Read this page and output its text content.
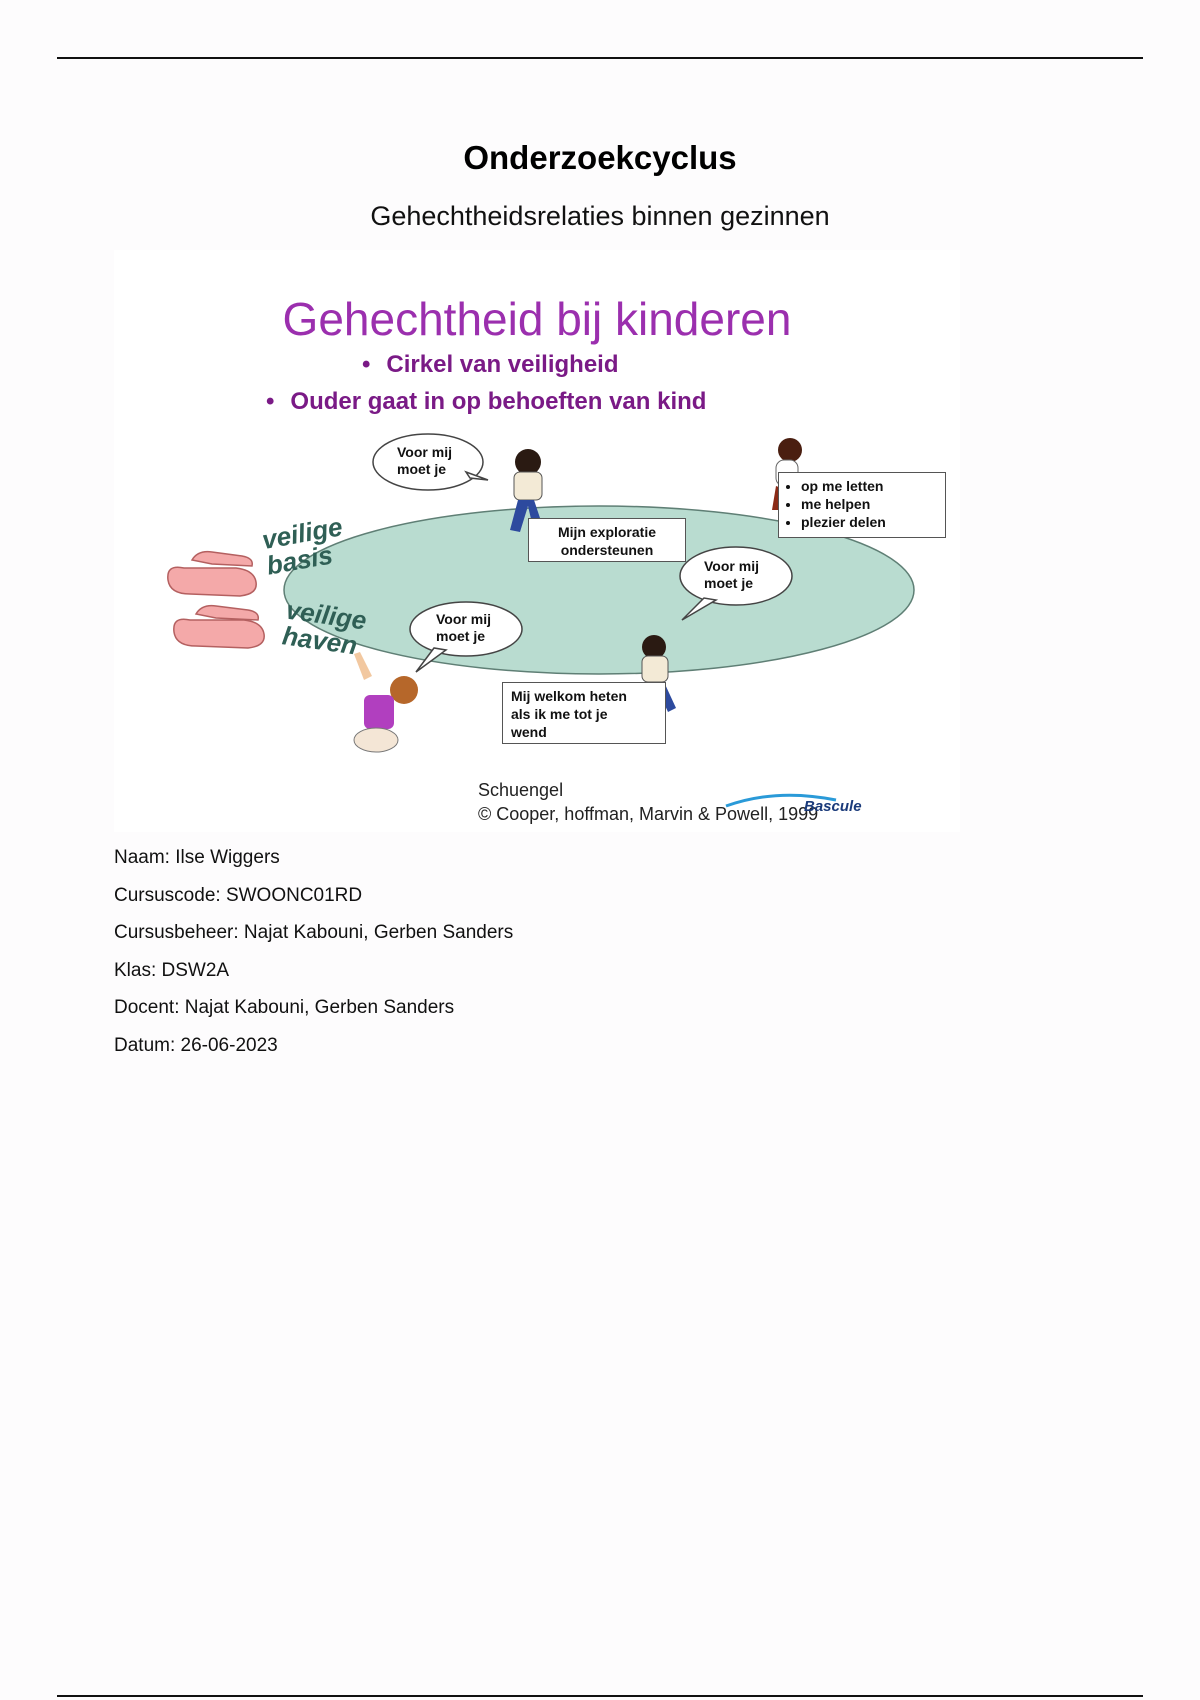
Onderzoekcyclus
Gehechtheidsrelaties binnen gezinnen
Gehechtheid bij kinderen
• Cirkel van veiligheid
• Ouder gaat in op behoeften van kind
Voor mij
moet je
Voor mij
moet je
Voor mij
moet je
Mijn exploratie
ondersteunen
Mij welkom heten
als ik me tot je
wend
• op me letten
• me helpen
• plezier delen
veilige
basis
veilige
haven
Schuengel
© Cooper, hoffman, Marvin & Powell, 1999
Bascule
Naam: Ilse Wiggers
Cursuscode: SWOONC01RD
Cursusbeheer: Najat Kabouni, Gerben Sanders
Klas: DSW2A
Docent: Najat Kabouni, Gerben Sanders
Datum: 26-06-2023
